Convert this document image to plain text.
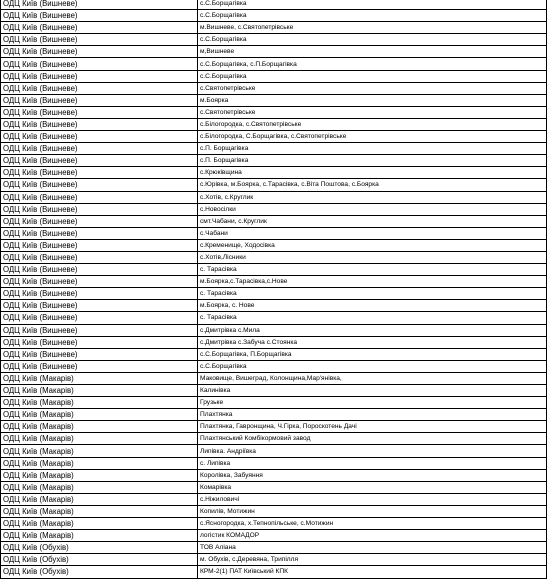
ОДЦ Київ (Вишневе)	с.С.Борщагівка
ОДЦ Київ (Вишневе)	с.С.Борщагівка
ОДЦ Київ (Вишневе)	м.Вишневе, с.Святопетрівське
ОДЦ Київ (Вишневе)	с.С.Борщагівка
ОДЦ Київ (Вишневе)	м,Вишневе
ОДЦ Київ (Вишневе)	с.С.Борщагівка, с.П.Борщагівка
ОДЦ Київ (Вишневе)	с.С.Борщагівка
ОДЦ Київ (Вишневе)	с.Святопетрівське
ОДЦ Київ (Вишневе)	м.Боярка
ОДЦ Київ (Вишневе)	с.Святопетрівське
ОДЦ Київ (Вишневе)	с.Білогородка, с.Святопетрівське
ОДЦ Київ (Вишневе)	с.Білогородка, С.Борщагівка, с.Святопетрівське
ОДЦ Київ (Вишневе)	с.П. Борщагівка
ОДЦ Київ (Вишневе)	с.П. Борщагівка
ОДЦ Київ (Вишневе)	с.Крюківщина
ОДЦ Київ (Вишневе)	с.Юрівка, м.Боярка, с.Тарасівка, с.Віта Поштова, с.Боярка
ОДЦ Київ (Вишневе)	с.Хотів, с.Круглик
ОДЦ Київ (Вишневе)	с.Новосілки
ОДЦ Київ (Вишневе)	смт.Чабани, с.Круглик
ОДЦ Київ (Вишневе)	с.Чабани
ОДЦ Київ (Вишневе)	с.Кременище, Ходосівка
ОДЦ Київ (Вишневе)	с.Хотів,Лісники
ОДЦ Київ (Вишневе)	с. Тарасівка
ОДЦ Київ (Вишневе)	м.Боярка,с.Тарасівка,с.Нове
ОДЦ Київ (Вишневе)	с. Тарасівка
ОДЦ Київ (Вишневе)	м.Боярка, с. Нове
ОДЦ Київ (Вишневе)	с. Тарасівка
ОДЦ Київ (Вишневе)	с.Дмитрівка с.Мила
ОДЦ Київ (Вишневе)	с.Дмитрівка с.Забуча с.Стоянка
ОДЦ Київ (Вишневе)	с.С.Борщагівка, П.Борщагівка
ОДЦ Київ (Вишневе)	с.С.Борщагівка
ОДЦ Київ (Макарів)	Маковище, Вишеград, Колонщина,Мар'янівка,
ОДЦ Київ (Макарів)	Калинівка
ОДЦ Київ (Макарів)	Грузьке
ОДЦ Київ (Макарів)	Плахтянка
ОДЦ Київ (Макарів)	Плахтянка, Гавронщина, Ч.Гірка, Пороскотень Дачі
ОДЦ Київ (Макарів)	Плахтянський Комбікормовий завод
ОДЦ Київ (Макарів)	Липівка. Андріївка
ОДЦ Київ (Макарів)	с. Липівка
ОДЦ Київ (Макарів)	Королівка, Забуяння
ОДЦ Київ (Макарів)	Комарівка
ОДЦ Київ (Макарів)	с.Ніжиловичі
ОДЦ Київ (Макарів)	Копилів, Мотижин
ОДЦ Київ (Макарів)	с.Ясногородка, х.Тепнопільське, с.Мотижин
ОДЦ Київ (Макарів)	логістик КОМАДОР
ОДЦ Київ (Обухів)	ТОВ Аліана
ОДЦ Київ (Обухів)	м. Обухів, с.Деревяна, Трипілля
ОДЦ Київ (Обухів)	КРМ-2(1) ПАТ Київський КПК
